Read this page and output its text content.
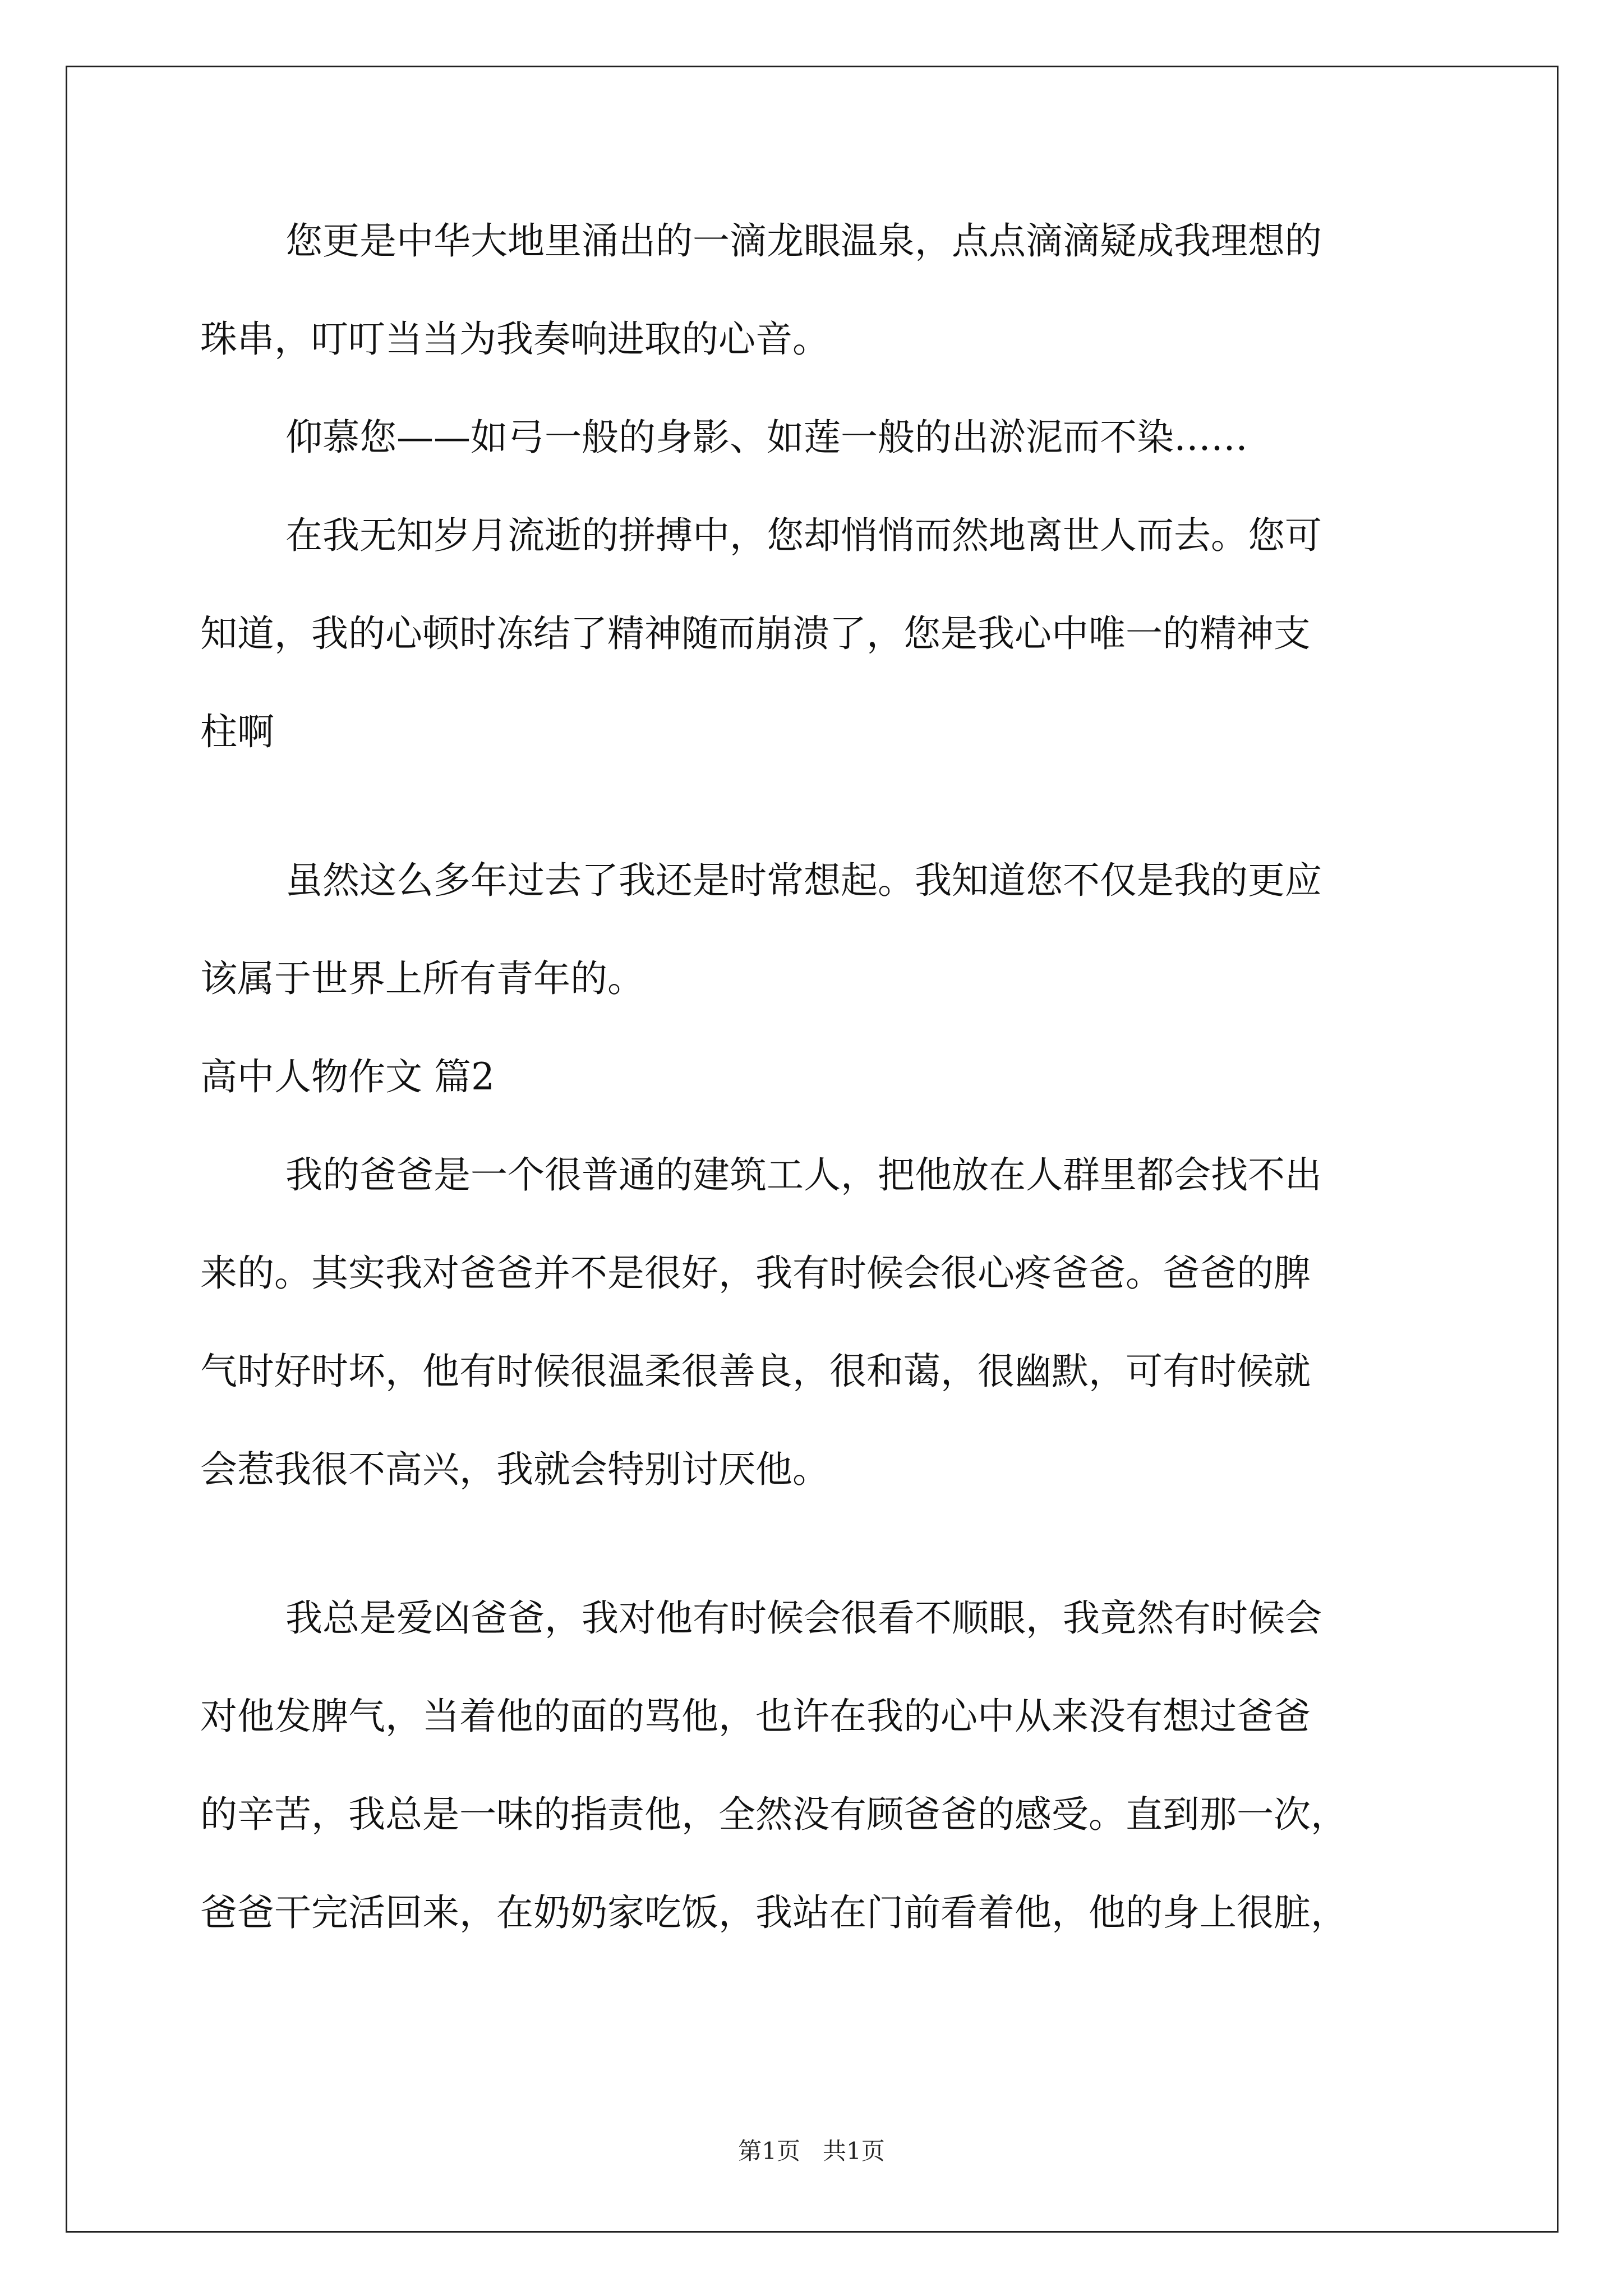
您更是中华大地里涌出的一滴龙眼温泉，点点滴滴疑成我理想的
珠串，叮叮当当为我奏响进取的心音。
仰慕您——如弓一般的身影、如莲一般的出淤泥而不染……
在我无知岁月流逝的拼搏中，您却悄悄而然地离世人而去。您可
知道，我的心顿时冻结了精神随而崩溃了，您是我心中唯一的精神支
柱啊
虽然这么多年过去了我还是时常想起。我知道您不仅是我的更应
该属于世界上所有青年的。
高中人物作文 篇2
我的爸爸是一个很普通的建筑工人，把他放在人群里都会找不出
来的。其实我对爸爸并不是很好，我有时候会很心疼爸爸。爸爸的脾
气时好时坏，他有时候很温柔很善良，很和蔼，很幽默，可有时候就
会惹我很不高兴，我就会特别讨厌他。
我总是爱凶爸爸，我对他有时候会很看不顺眼，我竟然有时候会
对他发脾气，当着他的面的骂他，也许在我的心中从来没有想过爸爸
的辛苦，我总是一味的指责他，全然没有顾爸爸的感受。直到那一次，
爸爸干完活回来，在奶奶家吃饭，我站在门前看着他，他的身上很脏，
第1页 共1页
